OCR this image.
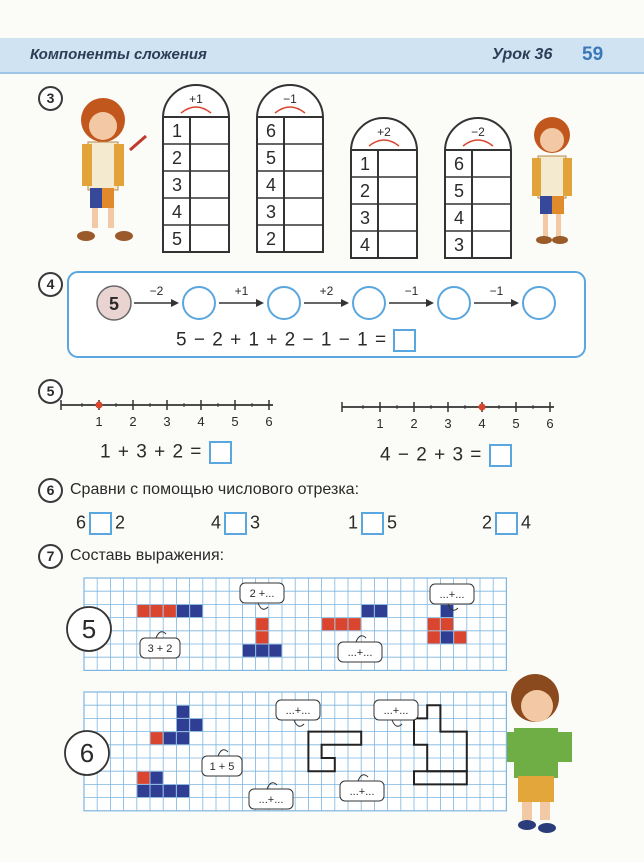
Компоненты сложения	Урок 36 59
3	+1
1
2
3
4
5
−1
6
5
4
3
2
+2
1
2
3
4
−2
6
5
4
3
4
5
−2	+1	+2	−1	−1
5 − 2 + 1 + 2 − 1 − 1 =
5
1 2 3 4 5 6	1 2 3 4 5 6
1 + 3 + 2 =	4 − 2 + 3 =
6 Сравни с помощью числового отрезка:
6 2	4 3	1 5	2 4
7 Составь выражения:
5
6
3 + 2
2 +...
...+...
...+...
1 + 5
...+...	...+...
...+...
...+...
